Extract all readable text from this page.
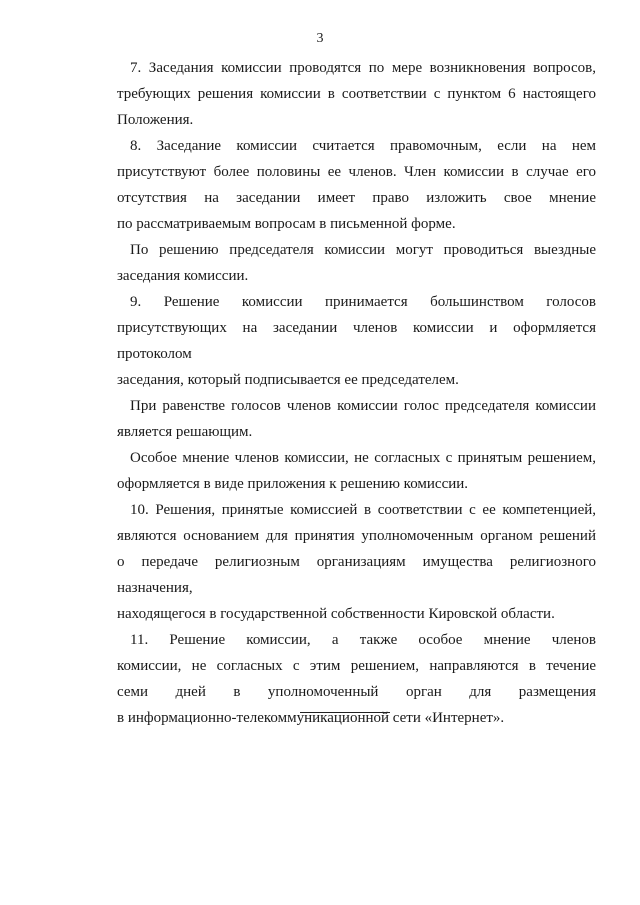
3
7. Заседания комиссии проводятся по мере возникновения вопросов,
требующих решения комиссии в соответствии с пунктом 6 настоящего
Положения.
8. Заседание комиссии считается правомочным, если на нем
присутствуют более половины ее членов. Член комиссии в случае его
отсутствия на заседании имеет право изложить свое мнение
по рассматриваемым вопросам в письменной форме.
По решению председателя комиссии могут проводиться выездные
заседания комиссии.
9. Решение комиссии принимается большинством голосов
присутствующих на заседании членов комиссии и оформляется протоколом
заседания, который подписывается ее председателем.
При равенстве голосов членов комиссии голос председателя комиссии
является решающим.
Особое мнение членов комиссии, не согласных с принятым решением,
оформляется в виде приложения к решению комиссии.
10. Решения, принятые комиссией в соответствии с ее компетенцией,
являются основанием для принятия уполномоченным органом решений
о передаче религиозным организациям имущества религиозного назначения,
находящегося в государственной собственности Кировской области.
11. Решение комиссии, а также особое мнение членов
комиссии, не согласных с этим решением, направляются в течение
семи дней в уполномоченный орган для размещения
в информационно-телекоммуникационной сети «Интернет».
